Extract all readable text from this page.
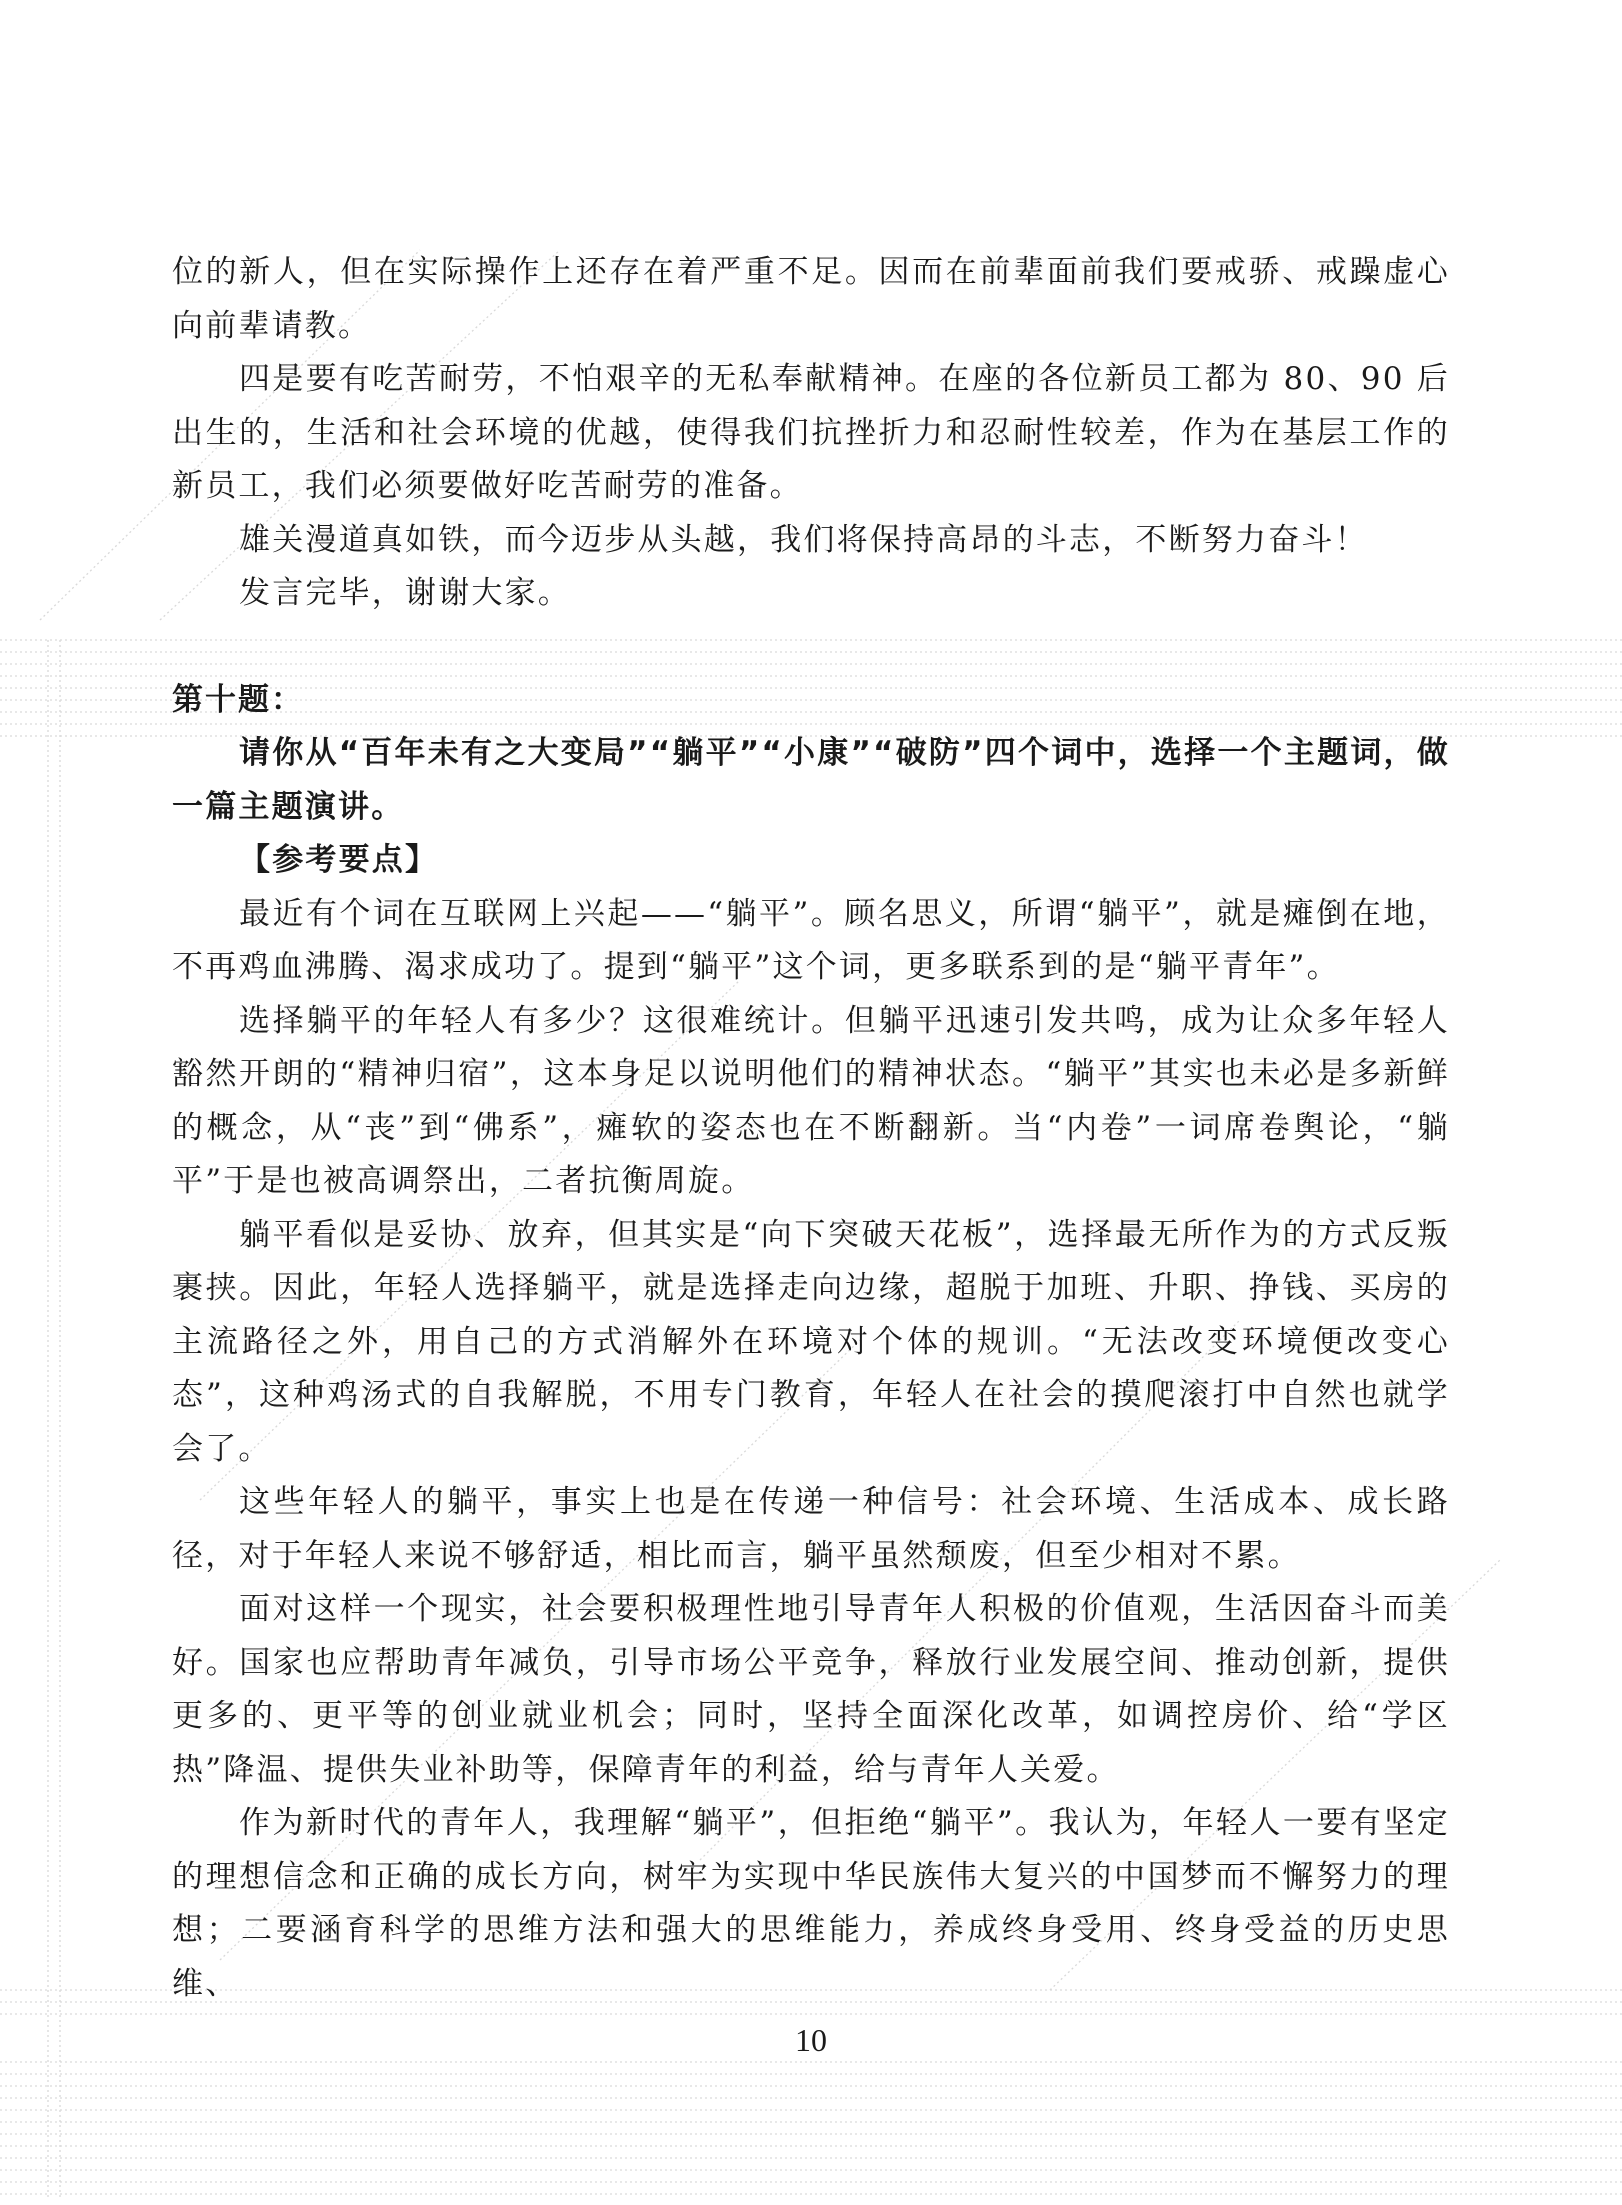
位的新人，但在实际操作上还存在着严重不足。因而在前辈面前我们要戒骄、戒躁虚心向前辈请教。

四是要有吃苦耐劳，不怕艰辛的无私奉献精神。在座的各位新员工都为 80、90 后出生的，生活和社会环境的优越，使得我们抗挫折力和忍耐性较差，作为在基层工作的新员工，我们必须要做好吃苦耐劳的准备。

雄关漫道真如铁，而今迈步从头越，我们将保持高昂的斗志，不断努力奋斗！

发言完毕，谢谢大家。

第十题：

请你从“百年未有之大变局”“躺平”“小康”“破防”四个词中，选择一个主题词，做一篇主题演讲。

【参考要点】

最近有个词在互联网上兴起——“躺平”。顾名思义，所谓“躺平”，就是瘫倒在地，不再鸡血沸腾、渴求成功了。提到“躺平”这个词，更多联系到的是“躺平青年”。

选择躺平的年轻人有多少？这很难统计。但躺平迅速引发共鸣，成为让众多年轻人豁然开朗的“精神归宿”，这本身足以说明他们的精神状态。“躺平”其实也未必是多新鲜的概念，从“丧”到“佛系”，瘫软的姿态也在不断翻新。当“内卷”一词席卷舆论，“躺平”于是也被高调祭出，二者抗衡周旋。

躺平看似是妥协、放弃，但其实是“向下突破天花板”，选择最无所作为的方式反叛裹挟。因此，年轻人选择躺平，就是选择走向边缘，超脱于加班、升职、挣钱、买房的主流路径之外，用自己的方式消解外在环境对个体的规训。“无法改变环境便改变心态”，这种鸡汤式的自我解脱，不用专门教育，年轻人在社会的摸爬滚打中自然也就学会了。

这些年轻人的躺平，事实上也是在传递一种信号：社会环境、生活成本、成长路径，对于年轻人来说不够舒适，相比而言，躺平虽然颓废，但至少相对不累。

面对这样一个现实，社会要积极理性地引导青年人积极的价值观，生活因奋斗而美好。国家也应帮助青年减负，引导市场公平竞争，释放行业发展空间、推动创新，提供更多的、更平等的创业就业机会；同时，坚持全面深化改革，如调控房价、给“学区热”降温、提供失业补助等，保障青年的利益，给与青年人关爱。

作为新时代的青年人，我理解“躺平”，但拒绝“躺平”。我认为，年轻人一要有坚定的理想信念和正确的成长方向，树牢为实现中华民族伟大复兴的中国梦而不懈努力的理想；二要涵育科学的思维方法和强大的思维能力，养成终身受用、终身受益的历史思维、

10
